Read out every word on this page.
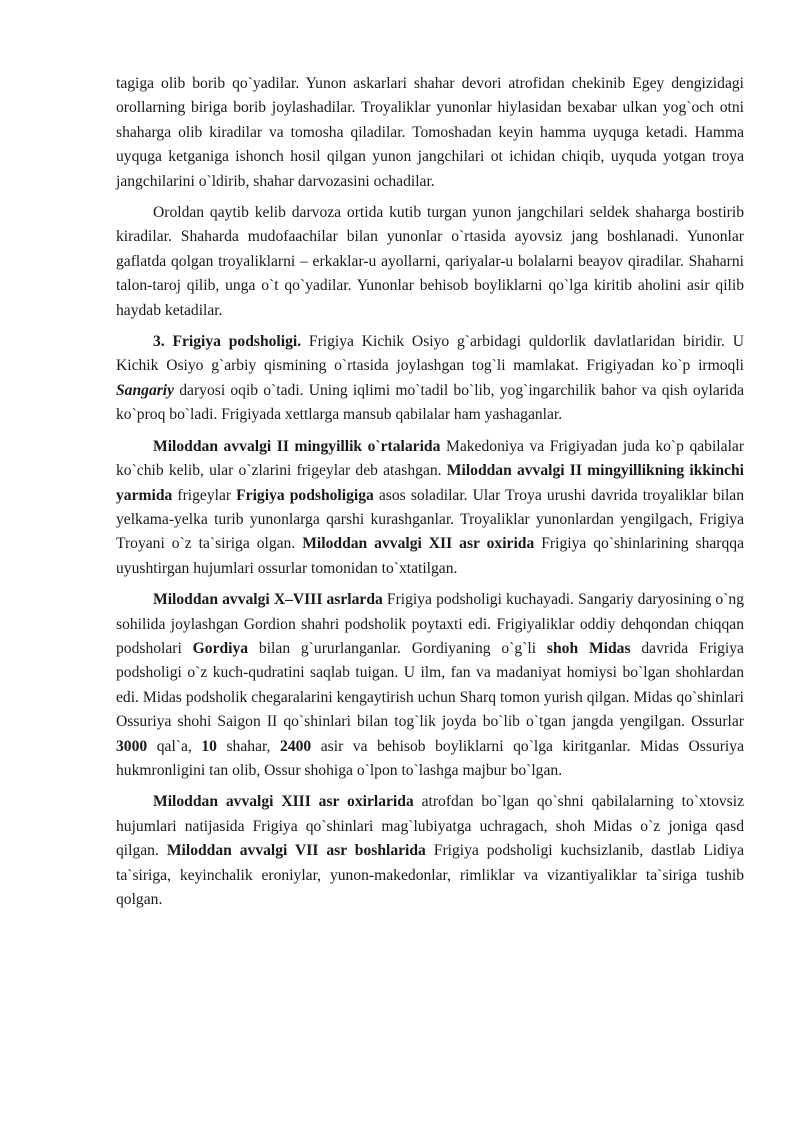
tagiga olib borib qo`yadilar. Yunon askarlari shahar devori atrofidan chekinib Egey dengizidagi orollarning biriga borib joylashadilar. Troyaliklar yunonlar hiylasidan bexabar ulkan yog`och otni shaharga olib kiradilar va tomosha qiladilar. Tomoshadan keyin hamma uyquga ketadi. Hamma uyquga ketganiga ishonch hosil qilgan yunon jangchilari ot ichidan chiqib, uyquda yotgan troya jangchilarini o`ldirib, shahar darvozasini ochadilar.

Oroldan qaytib kelib darvoza ortida kutib turgan yunon jangchilari seldek shaharga bostirib kiradilar. Shaharda mudofaachilar bilan yunonlar o`rtasida ayovsiz jang boshlanadi. Yunonlar gaflatda qolgan troyaliklarni – erkaklar-u ayollarni, qariyalar-u bolalarni beayov qiradilar. Shaharni talon-taroj qilib, unga o`t qo`yadilar. Yunonlar behisob boyliklarni qo`lga kiritib aholini asir qilib haydab ketadilar.

3. Frigiya podsholigi. Frigiya Kichik Osiyo g`arbidagi quldorlik davlatlaridan biridir. U Kichik Osiyo g`arbiy qismining o`rtasida joylashgan tog`li mamlakat. Frigiyadan ko`p irmoqli Sangariy daryosi oqib o`tadi. Uning iqlimi mo`tadil bo`lib, yog`ingarchilik bahor va qish oylarida ko`proq bo`ladi. Frigiyada xettlarga mansub qabilalar ham yashaganlar.

Miloddan avvalgi II mingyillik o`rtalarida Makedoniya va Frigiyadan juda ko`p qabilalar ko`chib kelib, ular o`zlarini frigeylar deb atashgan. Miloddan avvalgi II mingyillikning ikkinchi yarmida frigeylar Frigiya podsholigiga asos soladilar. Ular Troya urushi davrida troyaliklar bilan yelkama-yelka turib yunonlarga qarshi kurashganlar. Troyaliklar yunonlardan yengilgach, Frigiya Troyani o`z ta`siriga olgan. Miloddan avvalgi XII asr oxirida Frigiya qo`shinlarining sharqqa uyushtirgan hujumlari ossurlar tomonidan to`xtatilgan.

Miloddan avvalgi X–VIII asrlarda Frigiya podsholigi kuchayadi. Sangariy daryosining o`ng sohilida joylashgan Gordion shahri podsholik poytaxti edi. Frigiyaliklar oddiy dehqondan chiqqan podsholari Gordiya bilan g`ururlanganlar. Gordiyaning o`g`li shoh Midas davrida Frigiya podsholigi o`z kuch-qudratini saqlab tuigan. U ilm, fan va madaniyat homiysi bo`lgan shohlardan edi. Midas podsholik chegaralarini kengaytirish uchun Sharq tomon yurish qilgan. Midas qo`shinlari Ossuriya shohi Saigon II qo`shinlari bilan tog`lik joyda bo`lib o`tgan jangda yengilgan. Ossurlar 3000 qal`a, 10 shahar, 2400 asir va behisob boyliklarni qo`lga kiritganlar. Midas Ossuriya hukmronligini tan olib, Ossur shohiga o`lpon to`lashga majbur bo`lgan.

Miloddan avvalgi XIII asr oxirlarida atrofdan bo`lgan qo`shni qabilalarning to`xtovsiz hujumlari natijasida Frigiya qo`shinlari mag`lubiyatga uchragach, shoh Midas o`z joniga qasd qilgan. Miloddan avvalgi VII asr boshlarida Frigiya podsholigi kuchsizlanib, dastlab Lidiya ta`siriga, keyinchalik eroniylar, yunon-makedonlar, rimliklar va vizantiyaliklar ta`siriga tushib qolgan.
